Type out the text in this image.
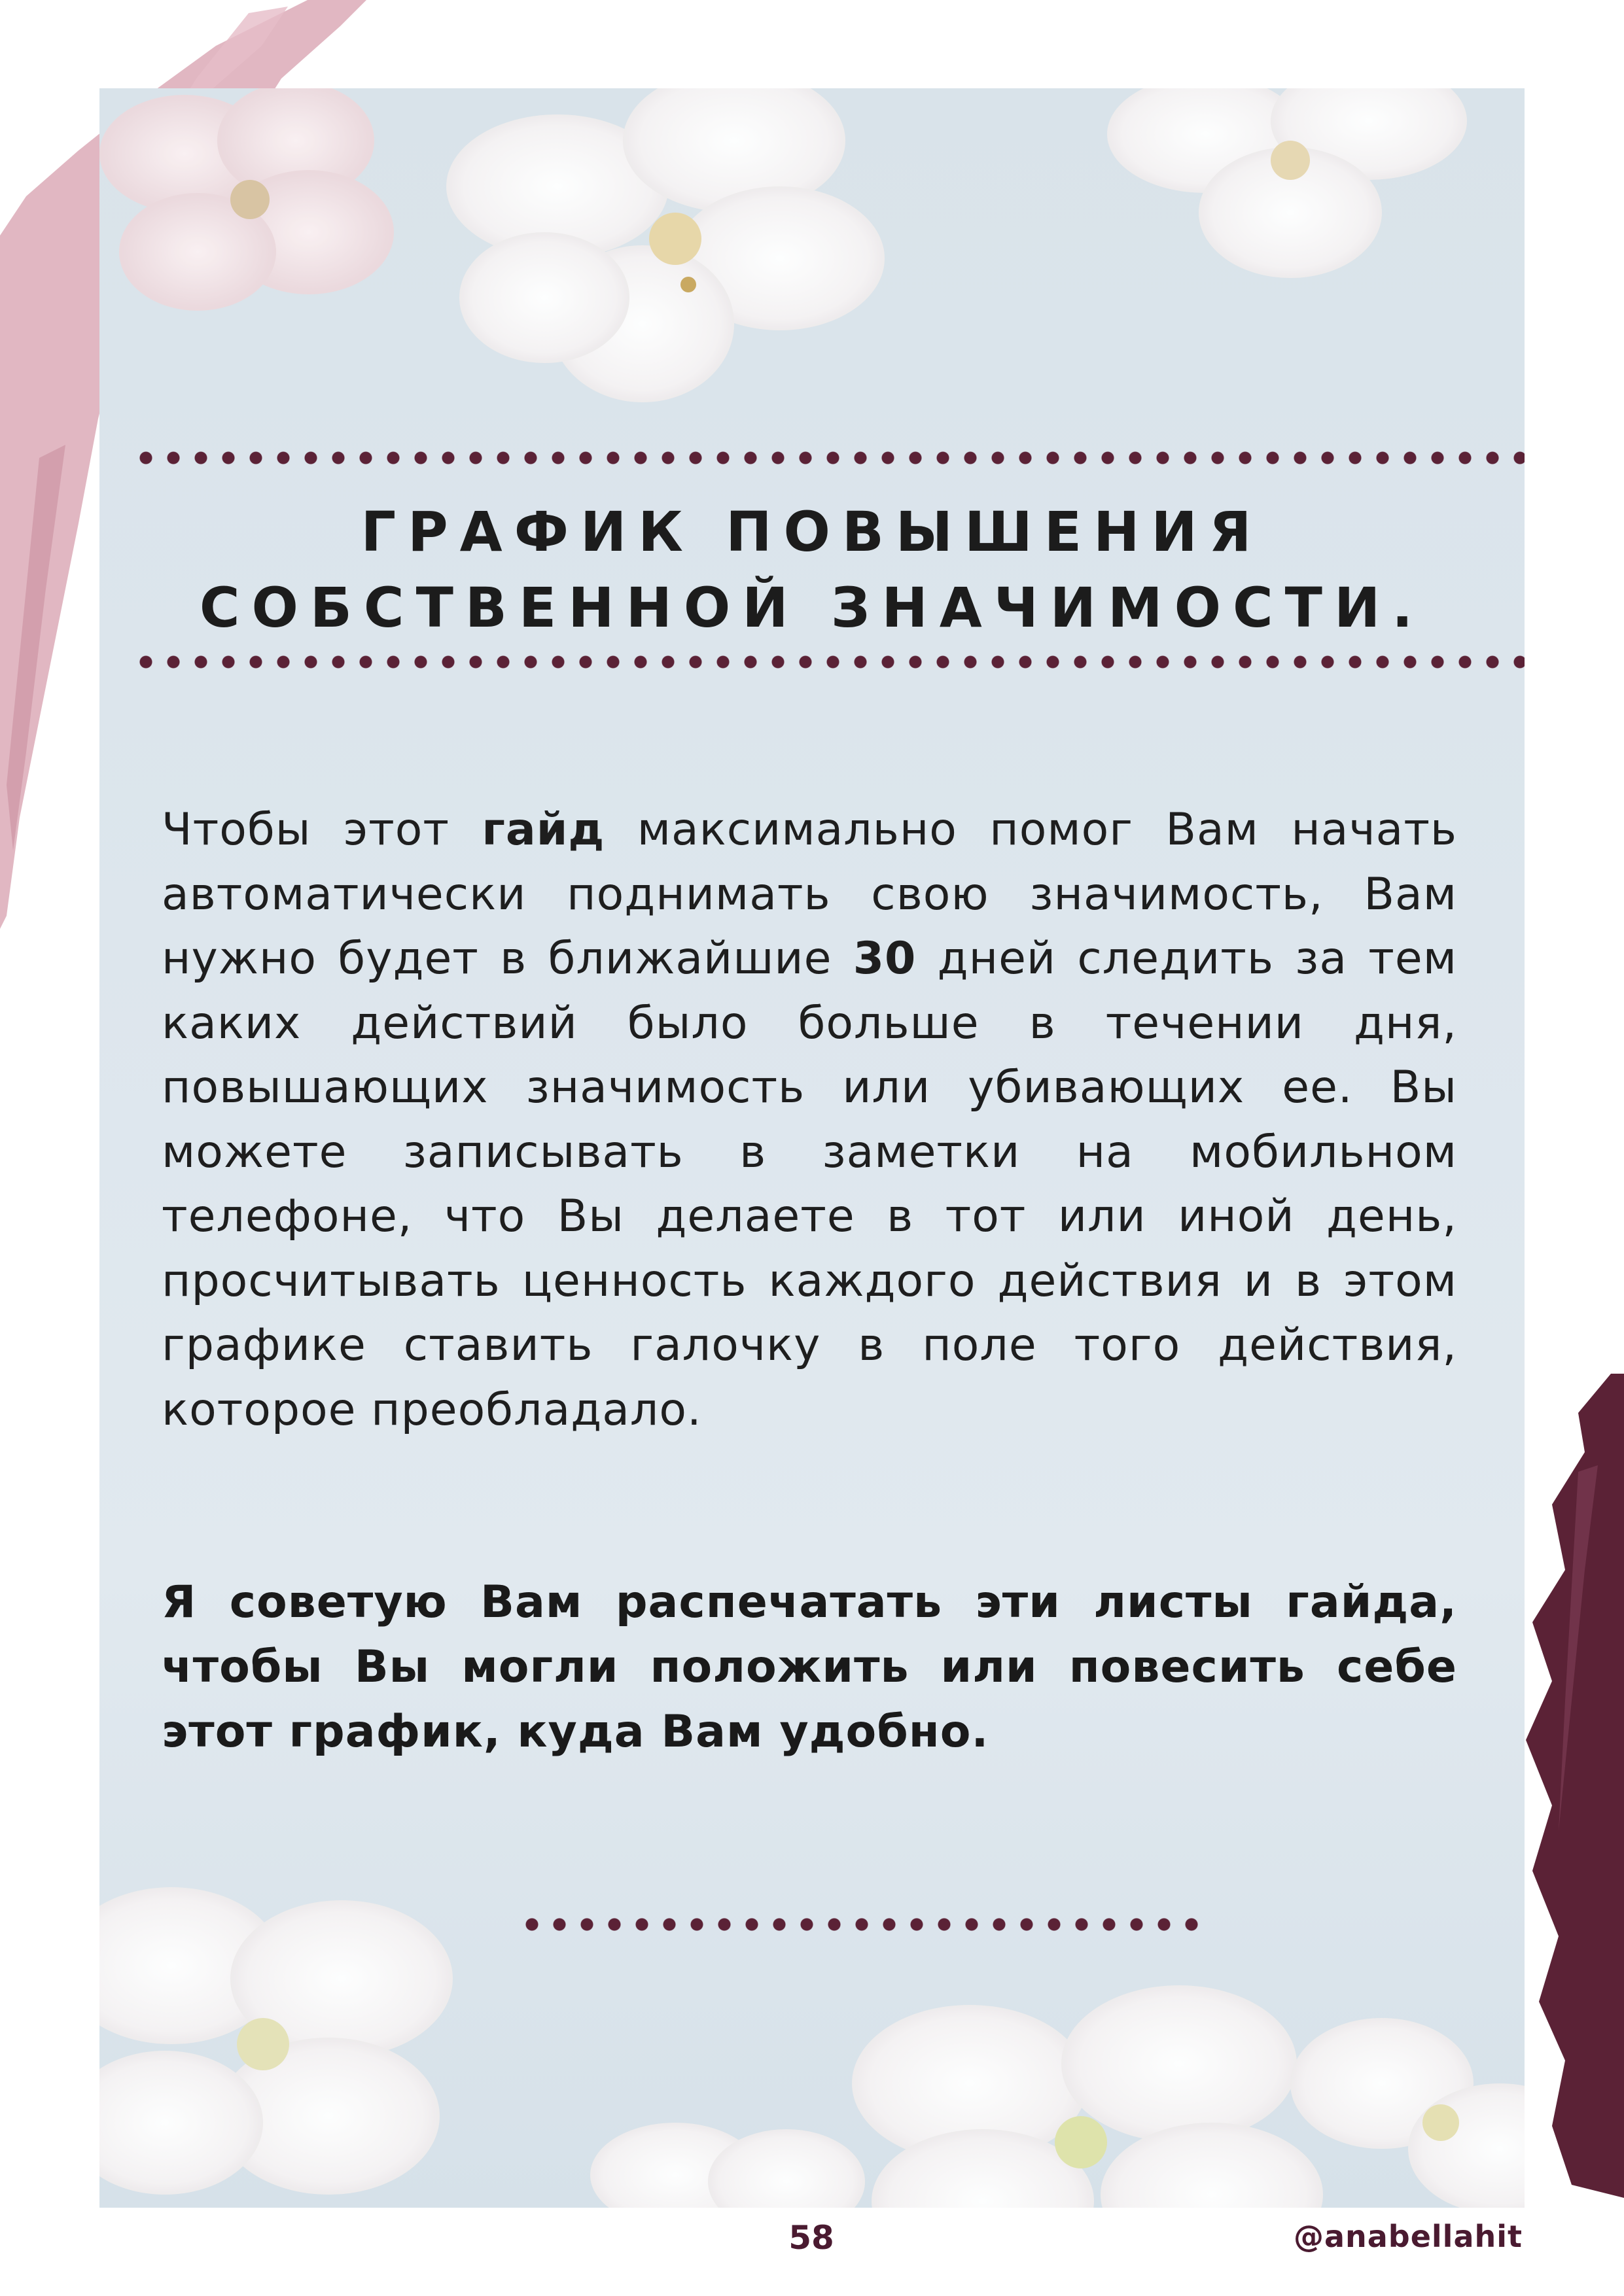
ГРАФИК ПОВЫШЕНИЯ
СОБСТВЕННОЙ ЗНАЧИМОСТИ.

Чтобы этот гайд максимально помог Вам начать автоматически поднимать свою значимость, Вам нужно будет в ближайшие 30 дней следить за тем каких действий было больше в течении дня, повышающих значимость или убивающих ее. Вы можете записывать в заметки на мобильном телефоне, что Вы делаете в тот или иной день, просчитывать ценность каждого действия и в этом графике ставить галочку в поле того действия, которое преобладало.

Я советую Вам распечатать эти листы гайда, чтобы Вы могли положить или повесить себе этот график, куда Вам удобно.

58	@anabellahit
